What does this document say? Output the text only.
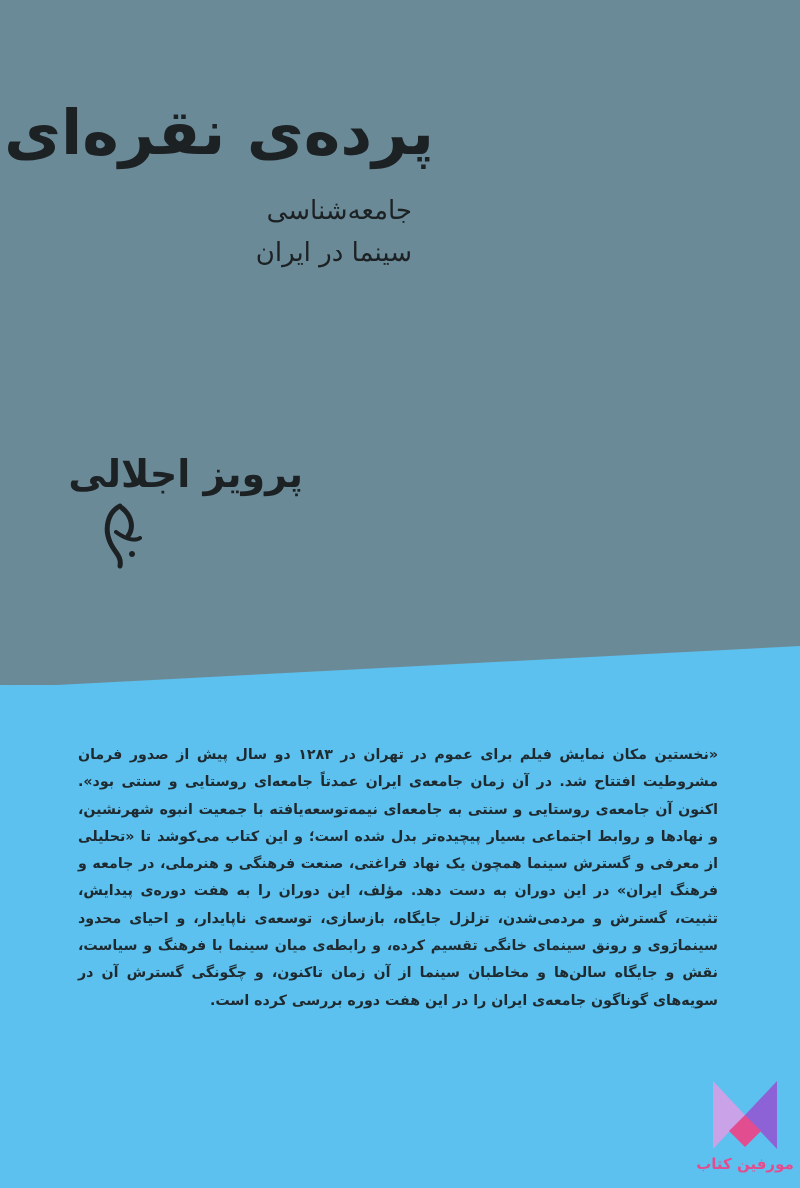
پرده‌ی نقره‌ای
جامعه‌شناسی
سینما در ایران
پرویز اجلالی
آگه
«نخستین مکان نمایش فیلم برای عموم در تهران در ۱۲۸۳ دو سال پیش از صدور فرمان مشروطیت افتتاح شد. در آن زمان جامعه‌ی ایران عمدتاً جامعه‌ای روستایی و سنتی بود». اکنون آن جامعه‌ی روستایی و سنتی به جامعه‌ای نیمه‌توسعه‌یافته با جمعیت انبوه شهرنشین، و نهادها و روابط اجتماعی بسیار پیچیده‌تر بدل شده است؛ و این کتاب می‌کوشد تا «تحلیلی از معرفی و گسترش سینما همچون یک نهاد فراغتی، صنعت فرهنگی و هنرملی، در جامعه و فرهنگ ایران» در این دوران به دست دهد. مؤلف، این دوران را به هفت دوره‌ی پیدایش، تثبیت، گسترش و مردمی‌شدن، تزلزل جایگاه، بازسازی، توسعه‌ی ناپایدار، و احیای محدود سینمارَوی و رونق سینمای خانگی تقسیم کرده، و رابطه‌ی میان سینما با فرهنگ و سیاست، نقش و جایگاه سالن‌ها و مخاطبان سینما از آن زمان تاکنون، و چگونگی گسترش آن در سویه‌های گوناگون جامعه‌ی ایران را در این هفت دوره بررسی کرده است.
مورفین کتاب
